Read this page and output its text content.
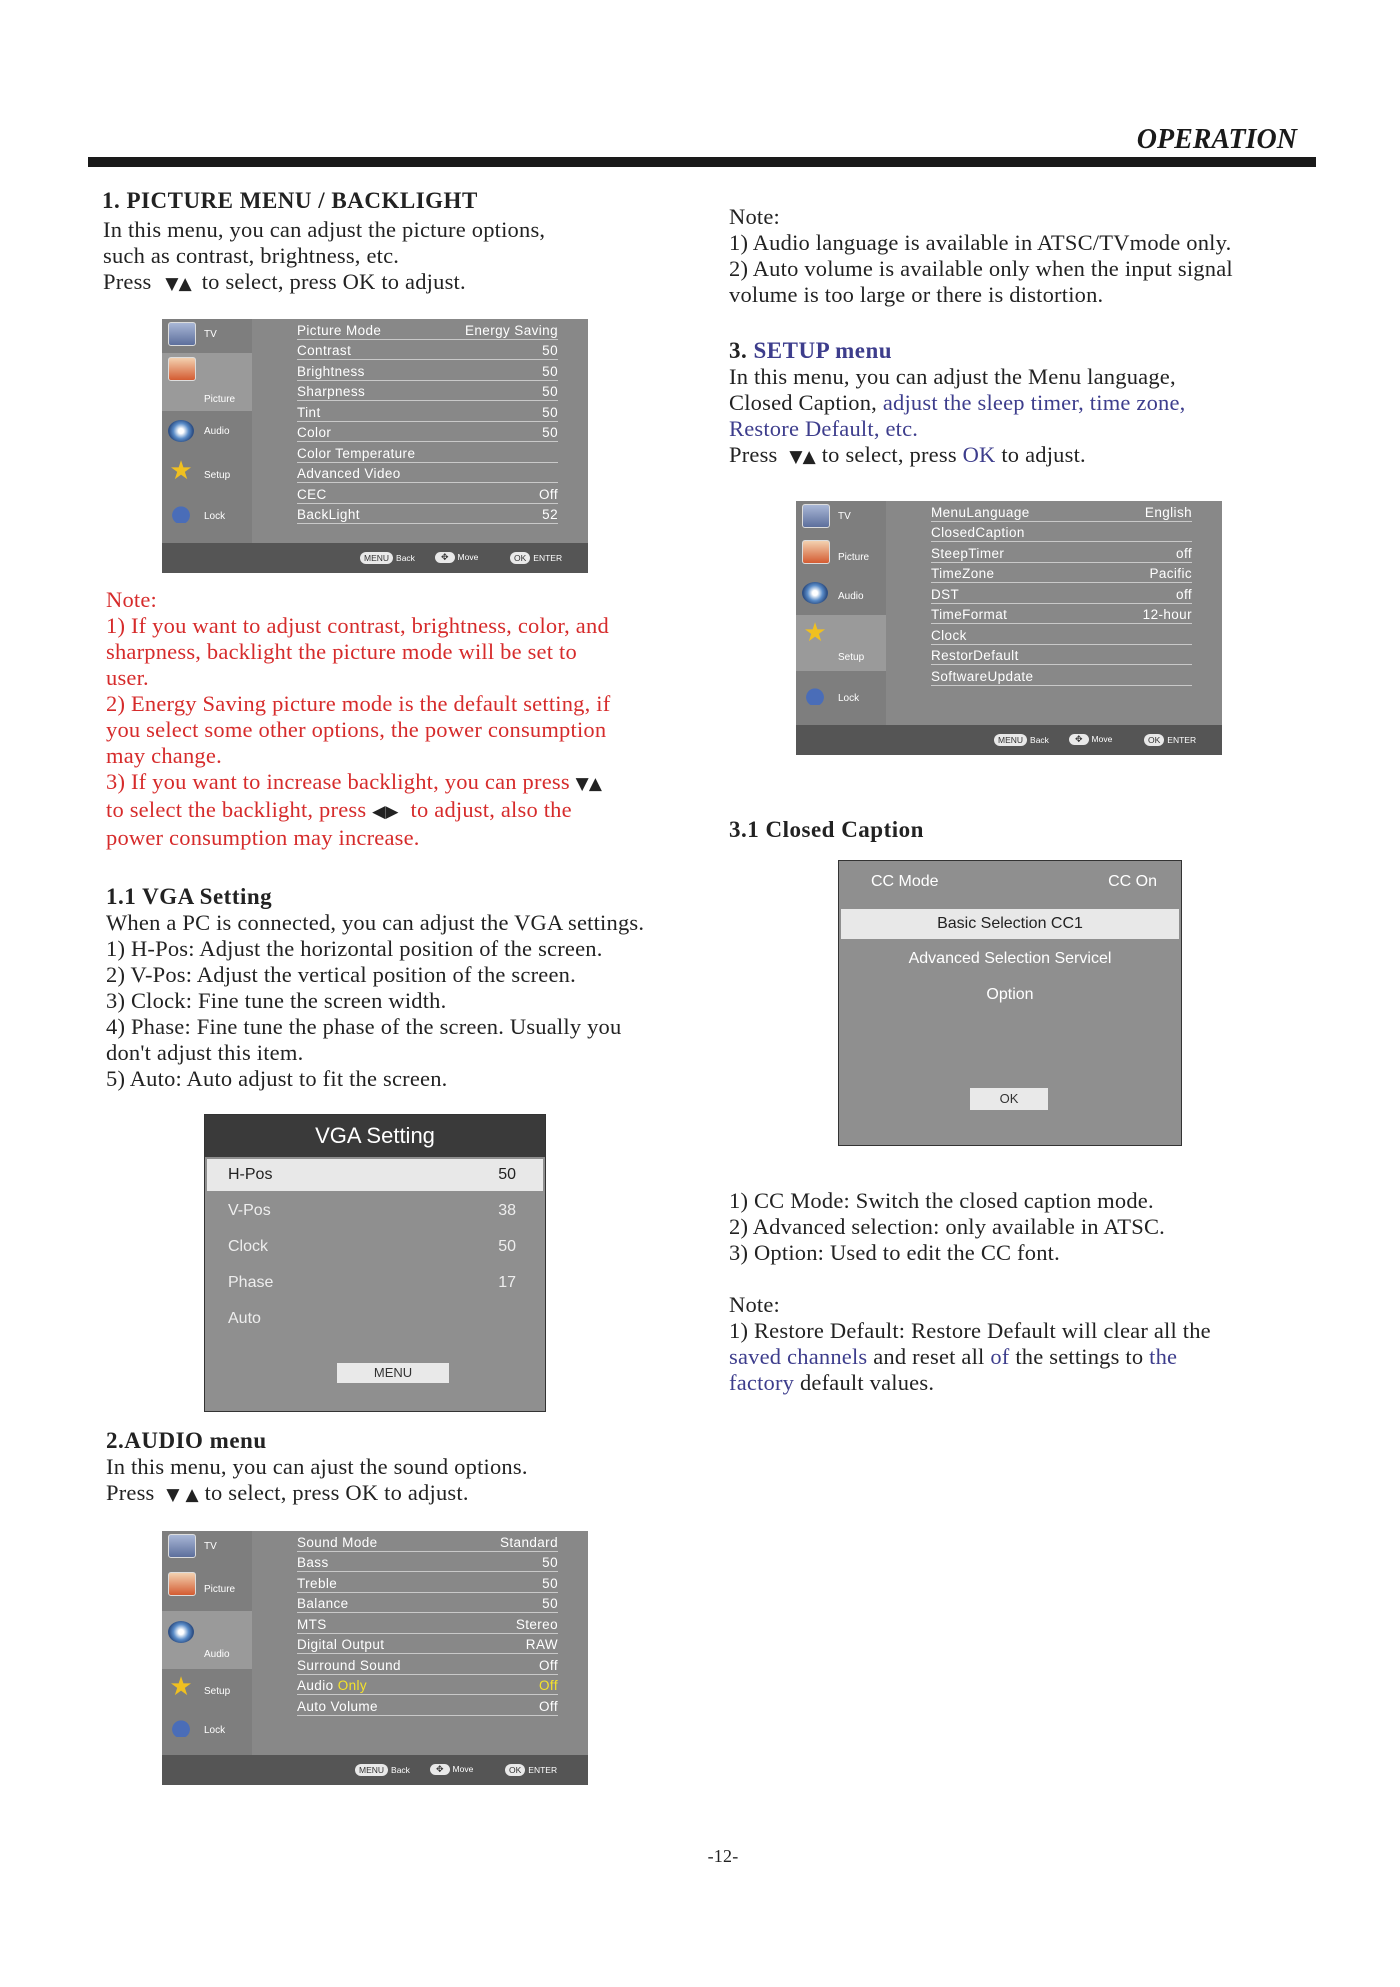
OPERATION
1. PICTURE MENU / BACKLIGHT
In this menu, you can adjust the picture options,
such as contrast, brightness, etc.
Press ▼▲ to select, press OK to adjust.
TV
Picture
Audio
★ Setup
Lock
Picture Mode	Energy Saving
Contrast	50
Brightness	50
Sharpness	50
Tint	50
Color	50
Color Temperature
Advanced Video
CEC	Off
BackLight	52
MENU Back	✥ Move	OK ENTER
Note:
1) If you want to adjust contrast, brightness, color, and
sharpness, backlight the picture mode will be set to
user.
2) Energy Saving picture mode is the default setting, if
you select some other options, the power consumption
may change.
3) If you want to increase backlight, you can press ▼▲
to select the backlight, press ◀▶ to adjust, also the
power consumption may increase.
1.1 VGA Setting
When a PC is connected, you can adjust the VGA settings.
1) H-Pos: Adjust the horizontal position of the screen.
2) V-Pos: Adjust the vertical position of the screen.
3) Clock: Fine tune the screen width.
4) Phase: Fine tune the phase of the screen. Usually you
don't adjust this item.
5) Auto: Auto adjust to fit the screen.
VGA Setting
H-Pos	50
V-Pos	38
Clock	50
Phase	17
Auto
MENU
2.AUDIO menu
In this menu, you can ajust the sound options.
Press ▼ ▲ to select, press OK to adjust.
TV
Picture
Audio
★ Setup
Lock
Sound Mode	Standard
Bass	50
Treble	50
Balance	50
MTS	Stereo
Digital Output	RAW
Surround Sound	Off
Audio Only	Off
Auto Volume	Off
MENU Back	✥ Move	OK ENTER
Note:
1) Audio language is available in ATSC/TVmode only.
2) Auto volume is available only when the input signal
volume is too large or there is distortion.
3. SETUP menu
In this menu, you can adjust the Menu language,
Closed Caption, adjust the sleep timer, time zone,
Restore Default, etc.
Press ▼▲ to select, press OK to adjust.
TV
Picture
Audio
★
Setup
Lock
MenuLanguage	English
ClosedCaption
SteepTimer	off
TimeZone	Pacific
DST	off
TimeFormat	12-hour
Clock
RestorDefault
SoftwareUpdate
MENU Back	✥ Move	OK ENTER
3.1 Closed Caption
CC Mode	CC On
Basic Selection CC1
Advanced Selection Servicel
Option
OK
1) CC Mode: Switch the closed caption mode.
2) Advanced selection: only available in ATSC.
3) Option: Used to edit the CC font.
Note:
1) Restore Default: Restore Default will clear all the
saved channels and reset all of the settings to the
factory default values.
-12-
